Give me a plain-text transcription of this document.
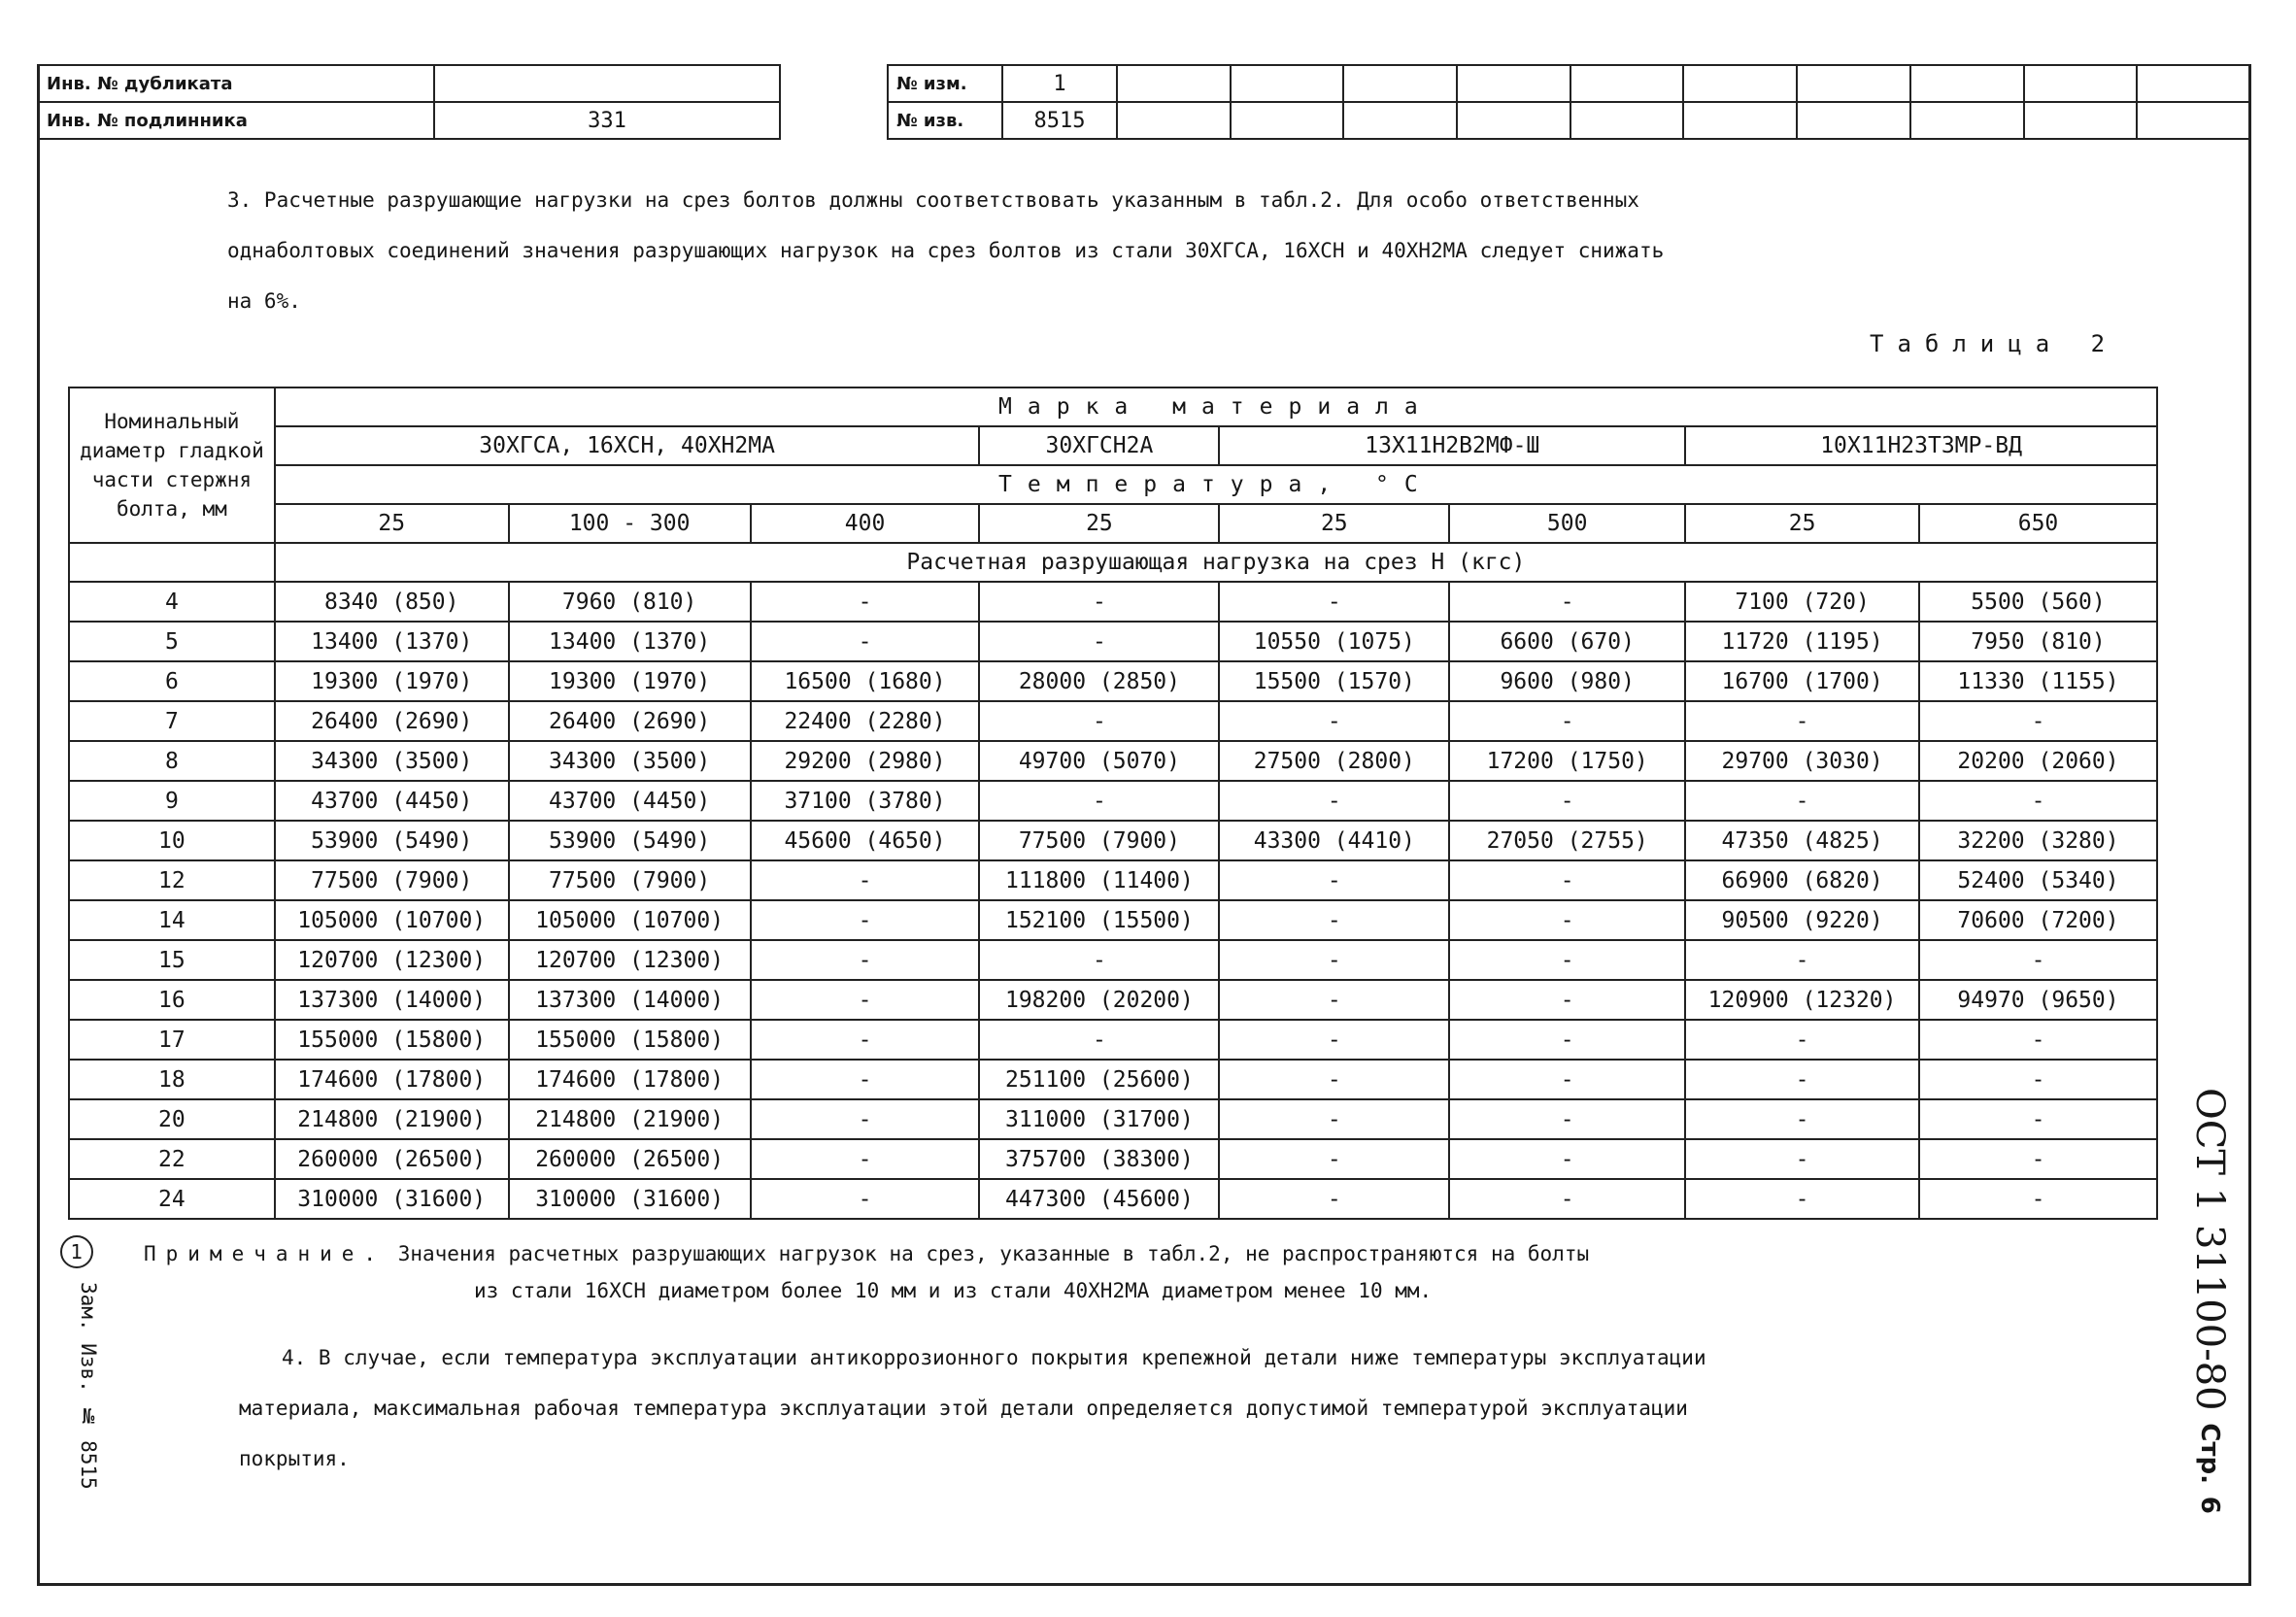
Инв. № дубликата	
Инв. № подлинника	331
№ изм.	1										
№ изв.	8515										
3. Расчетные разрушающие нагрузки на срез болтов должны соответствовать указанным в табл.2. Для особо ответственных
однаболтовых соединений значения разрушающих нагрузок на срез болтов из стали 30ХГСА, 16ХСН и 40ХН2МА следует снижать
на 6%.
Таблица 2
Номинальный диаметр гладкой части стержня болта, мм	Марка материала							
	30ХГСА, 16ХСН, 40ХН2МА			30ХГСН2А	13Х11Н2В2МФ-Ш		10Х11Н23Т3МР-ВД	
	Температура, °С							
	25	100 - 300	400	25	25	500	25	650
	Расчетная разрушающая нагрузка на срез Н (кгс)							
4	8340 (850)	7960 (810)	-	-	-	-	7100 (720)	5500 (560)
5	13400 (1370)	13400 (1370)	-	-	10550 (1075)	6600 (670)	11720 (1195)	7950 (810)
6	19300 (1970)	19300 (1970)	16500 (1680)	28000 (2850)	15500 (1570)	9600 (980)	16700 (1700)	11330 (1155)
7	26400 (2690)	26400 (2690)	22400 (2280)	-	-	-	-	-
8	34300 (3500)	34300 (3500)	29200 (2980)	49700 (5070)	27500 (2800)	17200 (1750)	29700 (3030)	20200 (2060)
9	43700 (4450)	43700 (4450)	37100 (3780)	-	-	-	-	-
10	53900 (5490)	53900 (5490)	45600 (4650)	77500 (7900)	43300 (4410)	27050 (2755)	47350 (4825)	32200 (3280)
12	77500 (7900)	77500 (7900)	-	111800 (11400)	-	-	66900 (6820)	52400 (5340)
14	105000 (10700)	105000 (10700)	-	152100 (15500)	-	-	90500 (9220)	70600 (7200)
15	120700 (12300)	120700 (12300)	-	-	-	-	-	-
16	137300 (14000)	137300 (14000)	-	198200 (20200)	-	-	120900 (12320)	94970 (9650)
17	155000 (15800)	155000 (15800)	-	-	-	-	-	-
18	174600 (17800)	174600 (17800)	-	251100 (25600)	-	-	-	-
20	214800 (21900)	214800 (21900)	-	311000 (31700)	-	-	-	-
22	260000 (26500)	260000 (26500)	-	375700 (38300)	-	-	-	-
24	310000 (31600)	310000 (31600)	-	447300 (45600)	-	-	-	-
1	Примечание. Значения расчетных разрушающих нагрузок на срез, указанные в табл.2, не распространяются на болты
из стали 16ХСН диаметром более 10 мм и из стали 40ХН2МА диаметром менее 10 мм.
Зам. Изв. № 8515	4. В случае, если температура эксплуатации антикоррозионного покрытия крепежной детали ниже температуры эксплуатации
материала, максимальная рабочая температура эксплуатации этой детали определяется допустимой температурой эксплуатации
покрытия.
ОСТ 1 31100-80 Стр. 6
